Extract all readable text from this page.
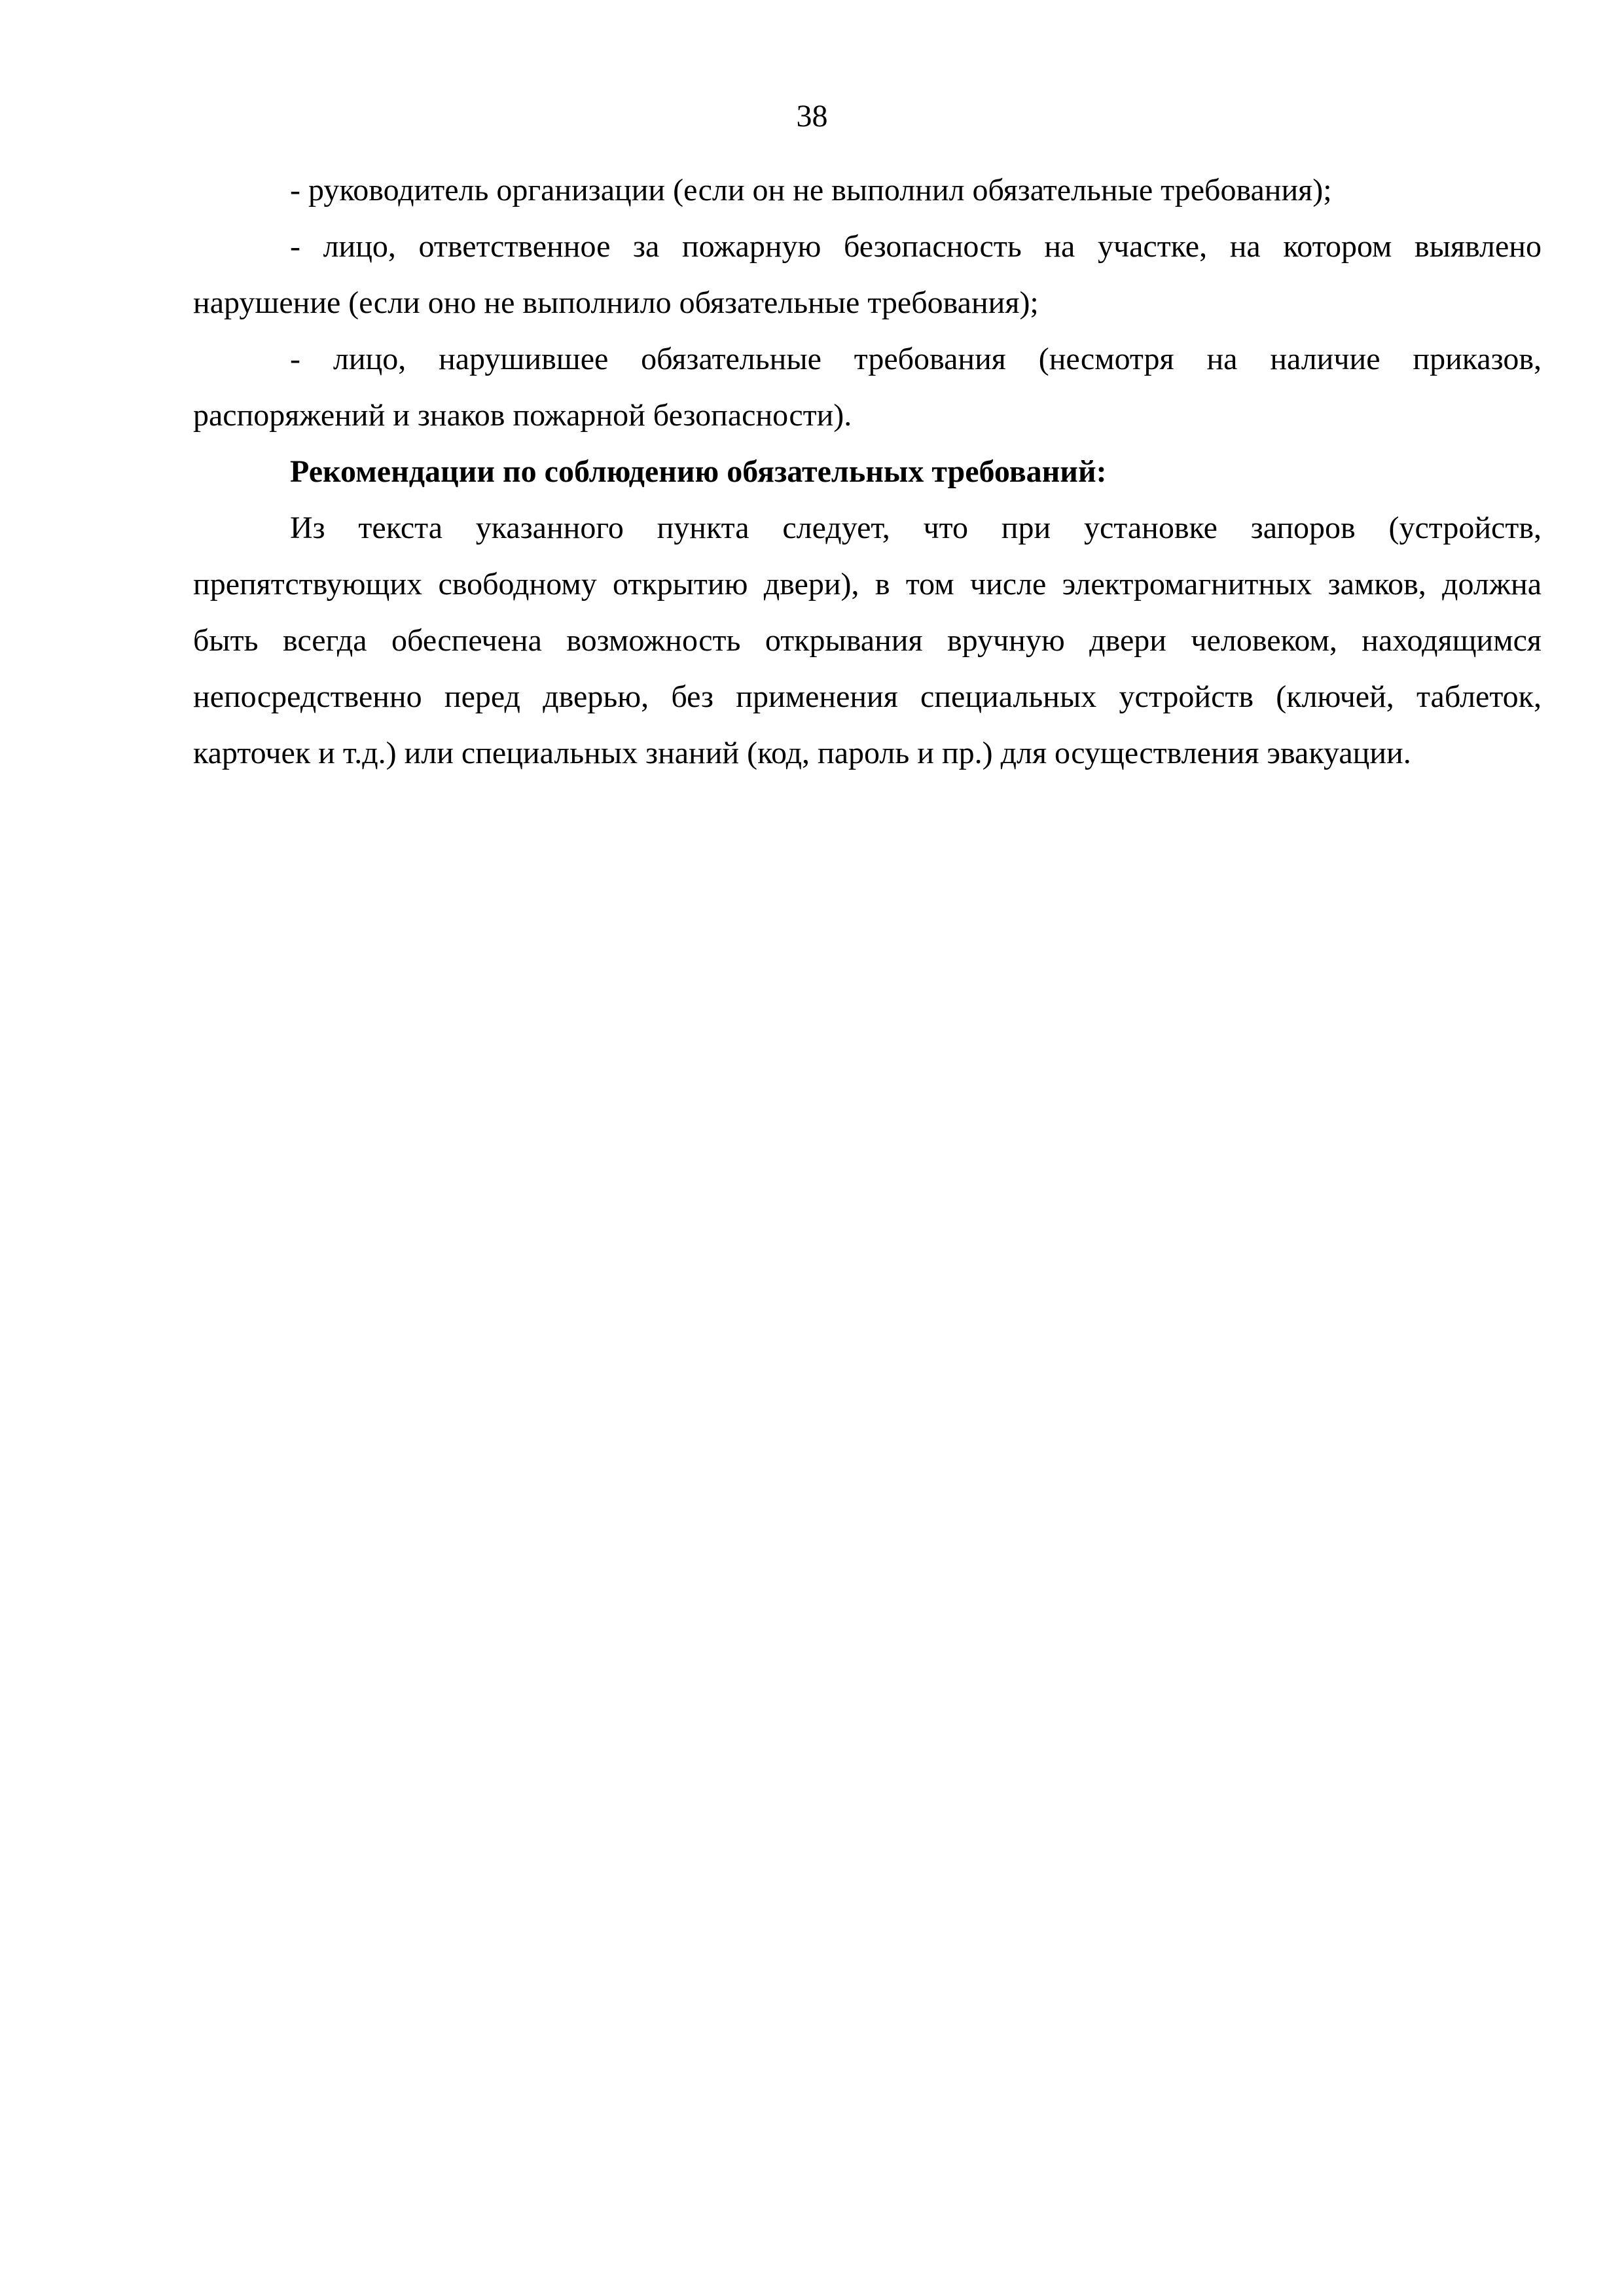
38

- руководитель организации (если он не выполнил обязательные требования);

- лицо, ответственное за пожарную безопасность на участке, на котором выявлено нарушение (если оно не выполнило обязательные требования);

- лицо, нарушившее обязательные требования (несмотря на наличие приказов, распоряжений и знаков пожарной безопасности).

Рекомендации по соблюдению обязательных требований:

Из текста указанного пункта следует, что при установке запоров (устройств, препятствующих свободному открытию двери), в том числе электромагнитных замков, должна быть всегда обеспечена возможность открывания вручную двери человеком, находящимся непосредственно перед дверью, без применения специальных устройств (ключей, таблеток, карточек и т.д.) или специальных знаний (код, пароль и пр.) для осуществления эвакуации.
